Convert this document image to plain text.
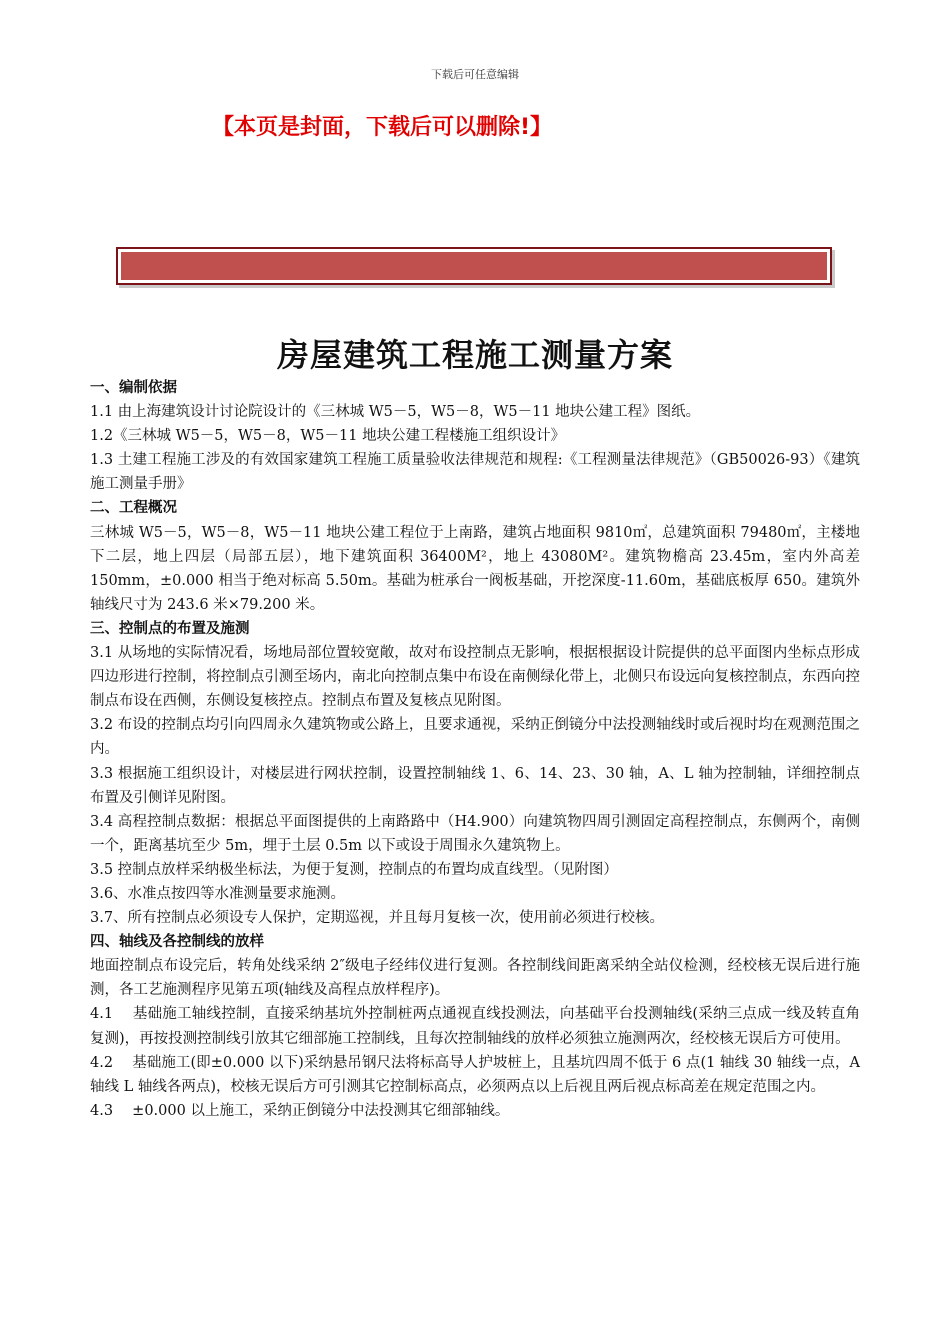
下载后可任意编辑
【本页是封面，下载后可以删除!】
房屋建筑工程施工测量方案

一、编制依据

1.1 由上海建筑设计讨论院设计的《三林城 W5－5，W5－8，W5－11 地块公建工程》图纸。

1.2《三林城 W5－5，W5－8，W5－11 地块公建工程楼施工组织设计》

1.3 土建工程施工涉及的有效国家建筑工程施工质量验收法律规范和规程:《工程测量法律规范》（GB50026-93）《建筑施工测量手册》

二、工程概况

三林城 W5－5，W5－8，W5－11 地块公建工程位于上南路，建筑占地面积 9810㎡，总建筑面积 79480㎡，主楼地下二层，地上四层（局部五层），地下建筑面积 36400M²，地上 43080M²。建筑物檐高 23.45m，室内外高差 150mm，±0.000 相当于绝对标高 5.50m。基础为桩承台一阀板基础，开挖深度-11.60m，基础底板厚 650。建筑外轴线尺寸为 243.6 米×79.200 米。

三、控制点的布置及施测

3.1 从场地的实际情况看，场地局部位置较宽敞，故对布设控制点无影响，根据根据设计院提供的总平面图内坐标点形成四边形进行控制，将控制点引测至场内，南北向控制点集中布设在南侧绿化带上，北侧只布设远向复核控制点，东西向控制点布设在西侧，东侧设复核控点。控制点布置及复核点见附图。

3.2 布设的控制点均引向四周永久建筑物或公路上，且要求通视，采纳正倒镜分中法投测轴线时或后视时均在观测范围之内。

3.3 根据施工组织设计，对楼层进行网状控制，设置控制轴线 1、6、14、23、30 轴，A、L 轴为控制轴，详细控制点布置及引侧详见附图。

3.4 高程控制点数据：根据总平面图提供的上南路路中（H4.900）向建筑物四周引测固定高程控制点，东侧两个，南侧一个，距离基坑至少 5m，埋于土层 0.5m 以下或设于周围永久建筑物上。

3.5 控制点放样采纳极坐标法，为便于复测，控制点的布置均成直线型。（见附图）

3.6、水准点按四等水准测量要求施测。

3.7、所有控制点必须设专人保护，定期巡视，并且每月复核一次，使用前必须进行校核。

四、轴线及各控制线的放样

地面控制点布设完后，转角处线采纳 2″级电子经纬仪进行复测。各控制线间距离采纳全站仪检测，经校核无误后进行施测，各工艺施测程序见第五项(轴线及高程点放样程序)。

4.1　 基础施工轴线控制，直接采纳基坑外控制桩两点通视直线投测法，向基础平台投测轴线(采纳三点成一线及转直角复测)，再按投测控制线引放其它细部施工控制线，且每次控制轴线的放样必须独立施测两次，经校核无误后方可使用。

4.2　 基础施工(即±0.000 以下)采纳悬吊钢尺法将标高导人护坡桩上，且基坑四周不低于 6 点(1 轴线 30 轴线一点，A 轴线 L 轴线各两点)，校核无误后方可引测其它控制标高点，必须两点以上后视且两后视点标高差在规定范围之内。

4.3　 ±0.000 以上施工，采纳正倒镜分中法投测其它细部轴线。
